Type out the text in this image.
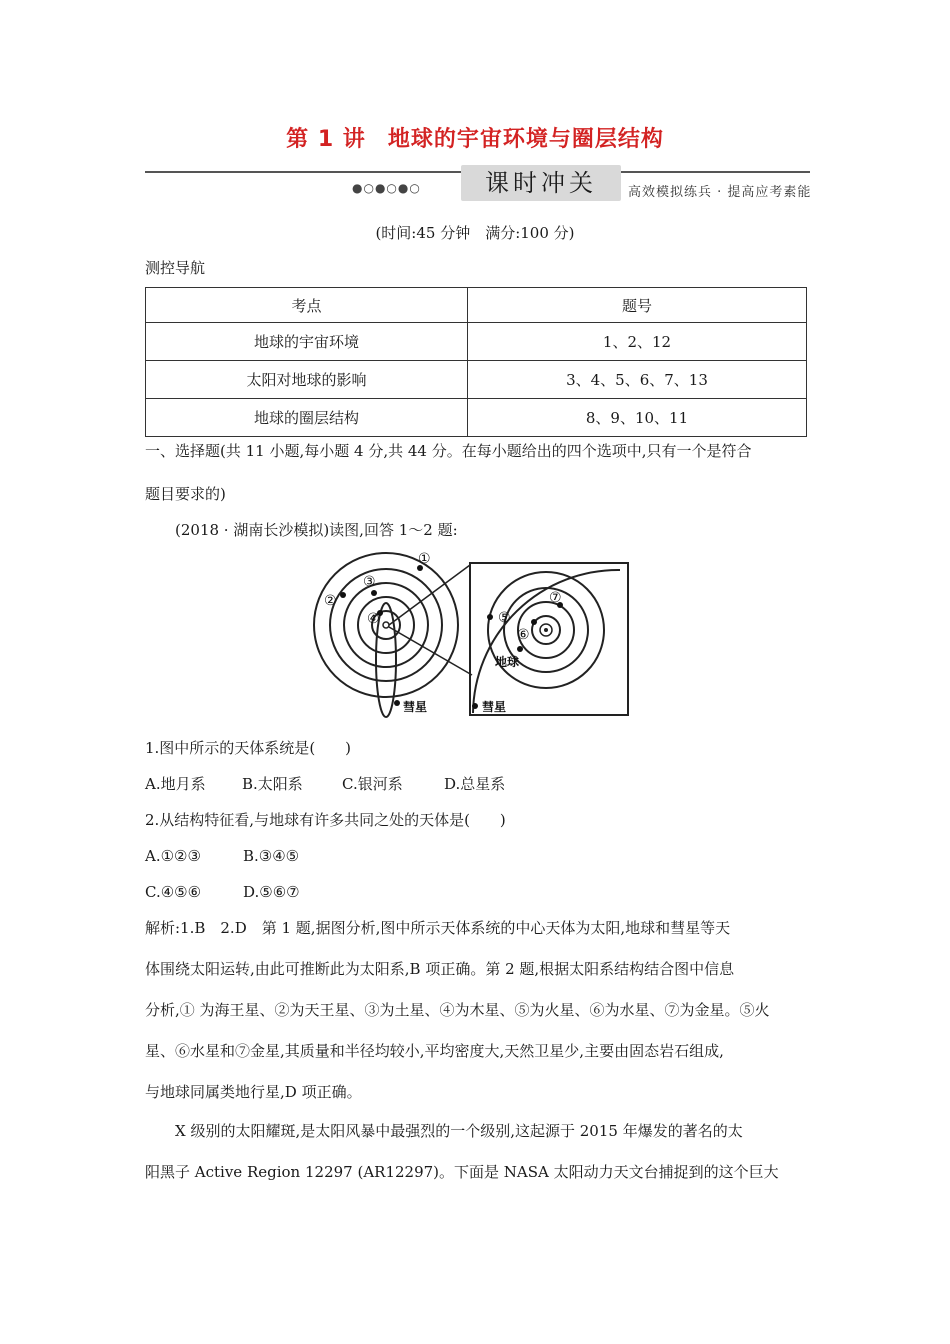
第 1 讲 地球的宇宙环境与圈层结构
●○●○●○	课时冲关	高效模拟练兵 · 提高应考素能
(时间:45 分钟　满分:100 分)
测控导航
考点	题号
地球的宇宙环境	1、2、12
太阳对地球的影响	3、4、5、6、7、13
地球的圈层结构	8、9、10、11
一、选择题(共 11 小题,每小题 4 分,共 44 分。在每小题给出的四个选项中,只有一个是符合
题目要求的)
(2018 · 湖南长沙模拟)读图,回答 1～2 题:
①
②
③
④
彗星
⑤
⑥
⑦
地球
彗星
1.图中所示的天体系统是(　　)
A.地月系 B.太阳系	C.银河系	D.总星系
2.从结构特征看,与地球有许多共同之处的天体是(　　)
A.①②③	B.③④⑤
C.④⑤⑥	D.⑤⑥⑦
解析:1.B　2.D　第 1 题,据图分析,图中所示天体系统的中心天体为太阳,地球和彗星等天
体围绕太阳运转,由此可推断此为太阳系,B 项正确。第 2 题,根据太阳系结构结合图中信息
分析,① 为海王星、②为天王星、③为土星、④为木星、⑤为火星、⑥为水星、⑦为金星。⑤火
星、⑥水星和⑦金星,其质量和半径均较小,平均密度大,天然卫星少,主要由固态岩石组成,
与地球同属类地行星,D 项正确。
X 级别的太阳耀斑,是太阳风暴中最强烈的一个级别,这起源于 2015 年爆发的著名的太
阳黑子 Active Region 12297 (AR12297)。下面是 NASA 太阳动力天文台捕捉到的这个巨大
